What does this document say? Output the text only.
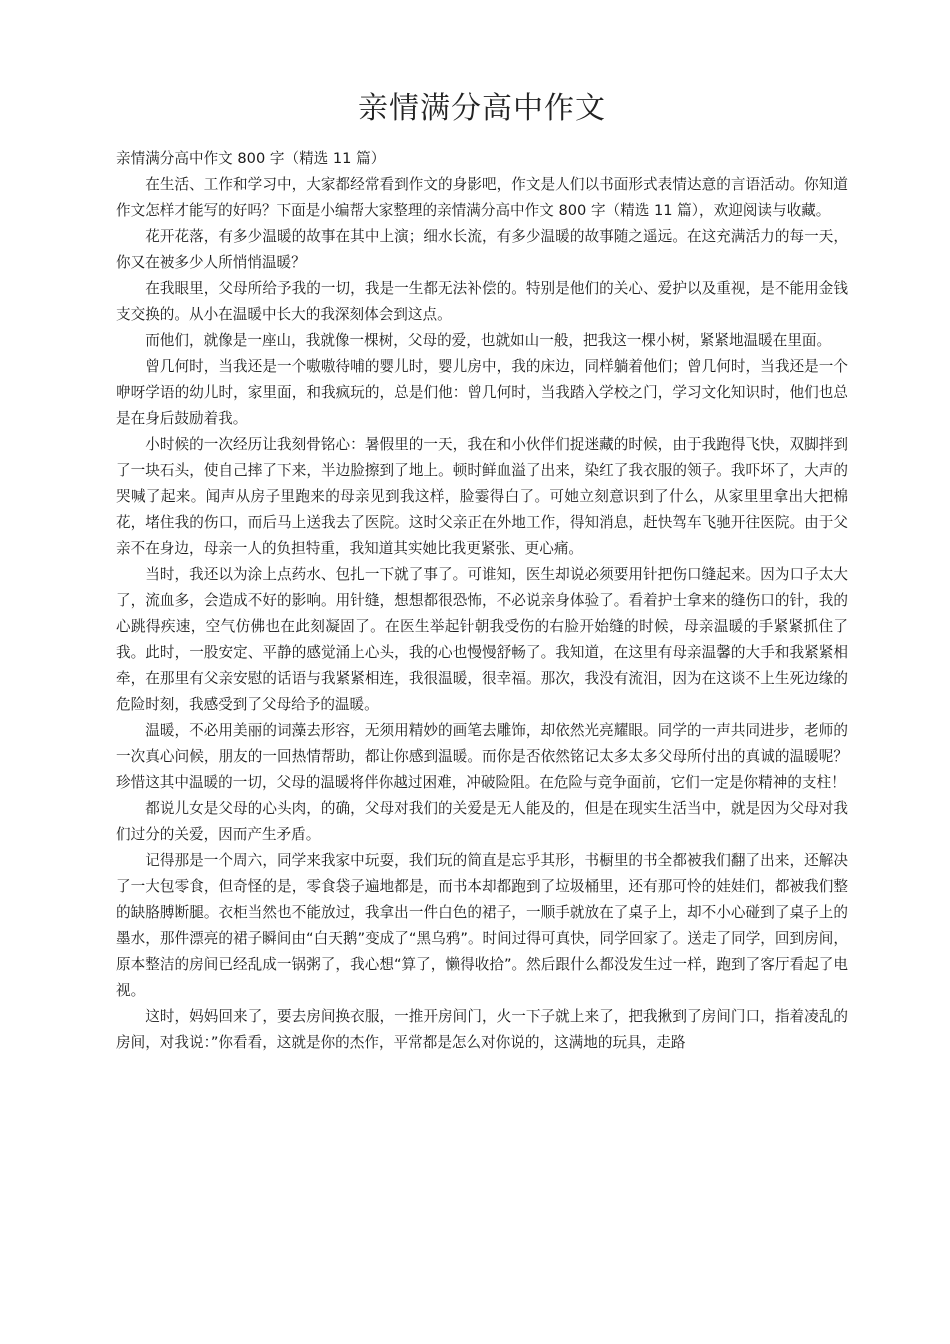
亲情满分高中作文
亲情满分高中作文 800 字（精选 11 篇）

在生活、工作和学习中，大家都经常看到作文的身影吧，作文是人们以书面形式表情达意的言语活动。你知道作文怎样才能写的好吗？下面是小编帮大家整理的亲情满分高中作文 800 字（精选 11 篇），欢迎阅读与收藏。

花开花落，有多少温暖的故事在其中上演；细水长流，有多少温暖的故事随之遥远。在这充满活力的每一天，你又在被多少人所悄悄温暖？

在我眼里，父母所给予我的一切，我是一生都无法补偿的。特别是他们的关心、爱护以及重视，是不能用金钱支交换的。从小在温暖中长大的我深刻体会到这点。

而他们，就像是一座山，我就像一棵树，父母的爱，也就如山一般，把我这一棵小树，紧紧地温暖在里面。

曾几何时，当我还是一个嗷嗷待哺的婴儿时，婴儿房中，我的床边，同样躺着他们；曾几何时，当我还是一个咿呀学语的幼儿时，家里面，和我疯玩的，总是们他：曾几何时，当我踏入学校之门，学习文化知识时，他们也总是在身后鼓励着我。

小时候的一次经历让我刻骨铭心：暑假里的一天，我在和小伙伴们捉迷藏的时候，由于我跑得飞快，双脚拌到了一块石头，使自己摔了下来，半边脸擦到了地上。顿时鲜血溢了出来，染红了我衣服的领子。我吓坏了，大声的哭喊了起来。闻声从房子里跑来的母亲见到我这样，脸霎得白了。可她立刻意识到了什么，从家里里拿出大把棉花，堵住我的伤口，而后马上送我去了医院。这时父亲正在外地工作，得知消息，赶快驾车飞驰开往医院。由于父亲不在身边，母亲一人的负担特重，我知道其实她比我更紧张、更心痛。

当时，我还以为涂上点药水、包扎一下就了事了。可谁知，医生却说必须要用针把伤口缝起来。因为口子太大了，流血多，会造成不好的影响。用针缝，想想都很恐怖，不必说亲身体验了。看着护士拿来的缝伤口的针，我的心跳得疾速，空气仿佛也在此刻凝固了。在医生举起针朝我受伤的右脸开始缝的时候，母亲温暖的手紧紧抓住了我。此时，一股安定、平静的感觉涌上心头，我的心也慢慢舒畅了。我知道，在这里有母亲温馨的大手和我紧紧相牵，在那里有父亲安慰的话语与我紧紧相连，我很温暖，很幸福。那次，我没有流泪，因为在这谈不上生死边缘的危险时刻，我感受到了父母给予的温暖。

温暖，不必用美丽的词藻去形容，无须用精妙的画笔去雕饰，却依然光亮耀眼。同学的一声共同进步，老师的一次真心问候，朋友的一回热情帮助，都让你感到温暖。而你是否依然铭记太多太多父母所付出的真诚的温暖呢？珍惜这其中温暖的一切，父母的温暖将伴你越过困难，冲破险阻。在危险与竞争面前，它们一定是你精神的支柱！

都说儿女是父母的心头肉，的确，父母对我们的关爱是无人能及的，但是在现实生活当中，就是因为父母对我们过分的关爱，因而产生矛盾。

记得那是一个周六，同学来我家中玩耍，我们玩的简直是忘乎其形，书橱里的书全都被我们翻了出来，还解决了一大包零食，但奇怪的是，零食袋子遍地都是，而书本却都跑到了垃圾桶里，还有那可怜的娃娃们，都被我们整的缺胳膊断腿。衣柜当然也不能放过，我拿出一件白色的裙子，一顺手就放在了桌子上，却不小心碰到了桌子上的墨水，那件漂亮的裙子瞬间由“白天鹅”变成了“黑乌鸦”。时间过得可真快，同学回家了。送走了同学，回到房间，原本整洁的房间已经乱成一锅粥了，我心想“算了，懒得收拾”。然后跟什么都没发生过一样，跑到了客厅看起了电视。

这时，妈妈回来了，要去房间换衣服，一推开房间门，火一下子就上来了，把我揪到了房间门口，指着凌乱的房间，对我说：”你看看，这就是你的杰作，平常都是怎么对你说的，这满地的玩具，走路
